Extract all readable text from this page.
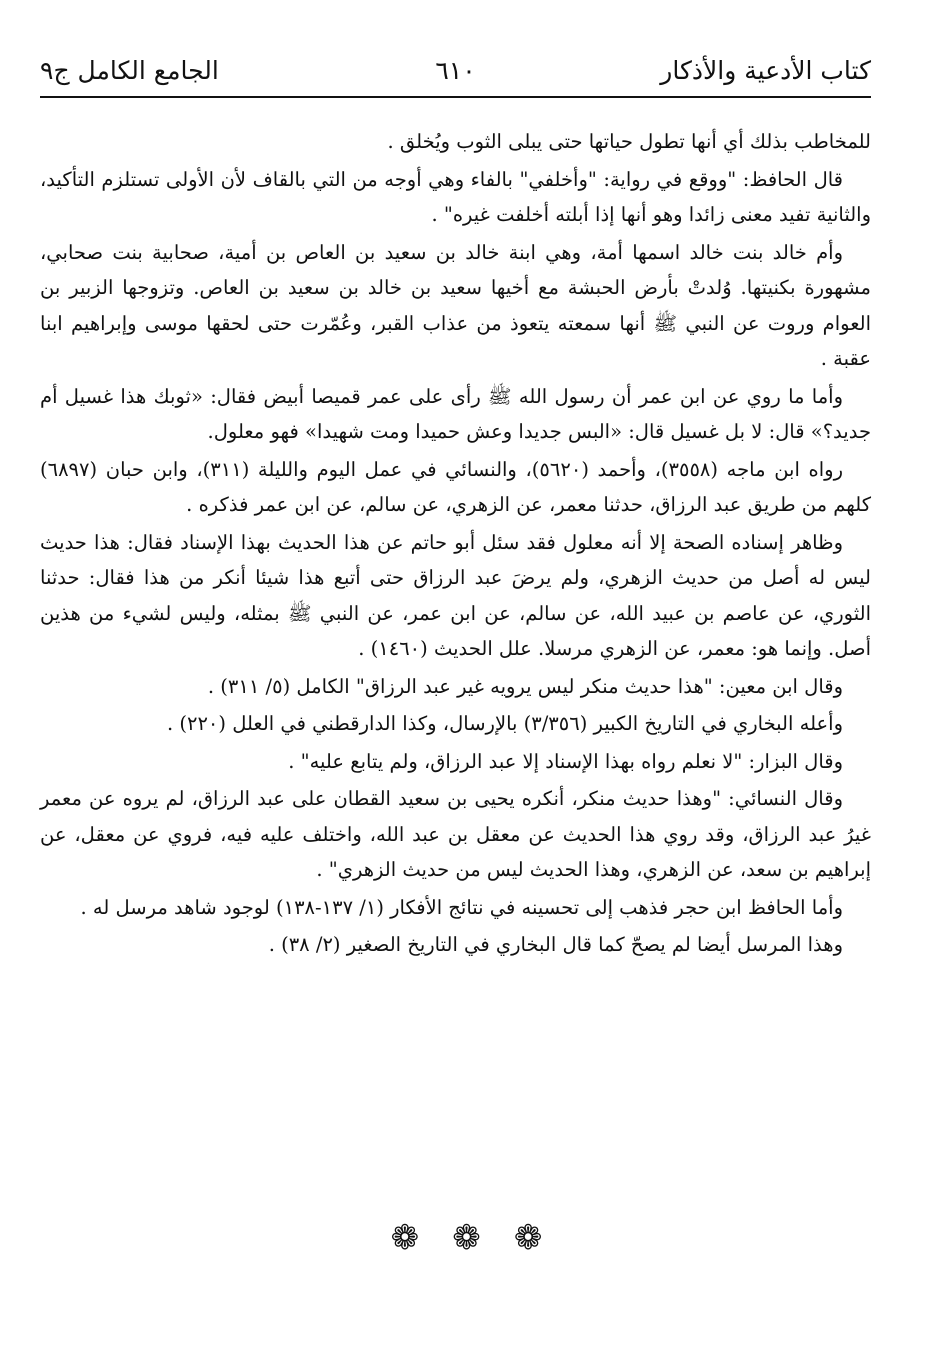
كتاب الأدعية والأذكار
٦١٠
الجامع الكامل ج٩

للمخاطب بذلك أي أنها تطول حياتها حتى يبلى الثوب ويُخلق .

قال الحافظ: "ووقع في رواية: "وأخلفي" بالفاء وهي أوجه من التي بالقاف لأن الأولى تستلزم التأكيد، والثانية تفيد معنى زائدا وهو أنها إذا أبلته أخلفت غيره" .

وأم خالد بنت خالد اسمها أمة، وهي ابنة خالد بن سعيد بن العاص بن أمية، صحابية بنت صحابي، مشهورة بكنيتها. وُلدتْ بأرض الحبشة مع أخيها سعيد بن خالد بن سعيد بن العاص. وتزوجها الزبير بن العوام وروت عن النبي ﷺ أنها سمعته يتعوذ من عذاب القبر، وعُمّرت حتى لحقها موسى وإبراهيم ابنا عقبة .

وأما ما روي عن ابن عمر أن رسول الله ﷺ رأى على عمر قميصا أبيض فقال: «ثوبك هذا غسيل أم جديد؟» قال: لا بل غسيل قال: «البس جديدا وعش حميدا ومت شهيدا» فهو معلول.

رواه ابن ماجه (٣٥٥٨)، وأحمد (٥٦٢٠)، والنسائي في عمل اليوم والليلة (٣١١)، وابن حبان (٦٨٩٧) كلهم من طريق عبد الرزاق، حدثنا معمر، عن الزهري، عن سالم، عن ابن عمر فذكره .

وظاهر إسناده الصحة إلا أنه معلول فقد سئل أبو حاتم عن هذا الحديث بهذا الإسناد فقال: هذا حديث ليس له أصل من حديث الزهري، ولم يرضَ عبد الرزاق حتى أتبع هذا شيئا أنكر من هذا فقال: حدثنا الثوري، عن عاصم بن عبيد الله، عن سالم، عن ابن عمر، عن النبي ﷺ بمثله، وليس لشيء من هذين أصل. وإنما هو: معمر، عن الزهري مرسلا. علل الحديث (١٤٦٠) .

وقال ابن معين: "هذا حديث منكر ليس يرويه غير عبد الرزاق" الكامل (٥/ ٣١١) .

وأعله البخاري في التاريخ الكبير (٣/٣٥٦) بالإرسال، وكذا الدارقطني في العلل (٢٢٠) .

وقال البزار: "لا نعلم رواه بهذا الإسناد إلا عبد الرزاق، ولم يتابع عليه" .

وقال النسائي: "وهذا حديث منكر، أنكره يحيى بن سعيد القطان على عبد الرزاق، لم يروه عن معمر غيرُ عبد الرزاق، وقد روي هذا الحديث عن معقل بن عبد الله، واختلف عليه فيه، فروي عن معقل، عن إبراهيم بن سعد، عن الزهري، وهذا الحديث ليس من حديث الزهري" .

وأما الحافظ ابن حجر فذهب إلى تحسينه في نتائج الأفكار (١/ ١٣٧-١٣٨) لوجود شاهد مرسل له .

وهذا المرسل أيضا لم يصحّ كما قال البخاري في التاريخ الصغير (٢/ ٣٨) .

❁ ❁ ❁
